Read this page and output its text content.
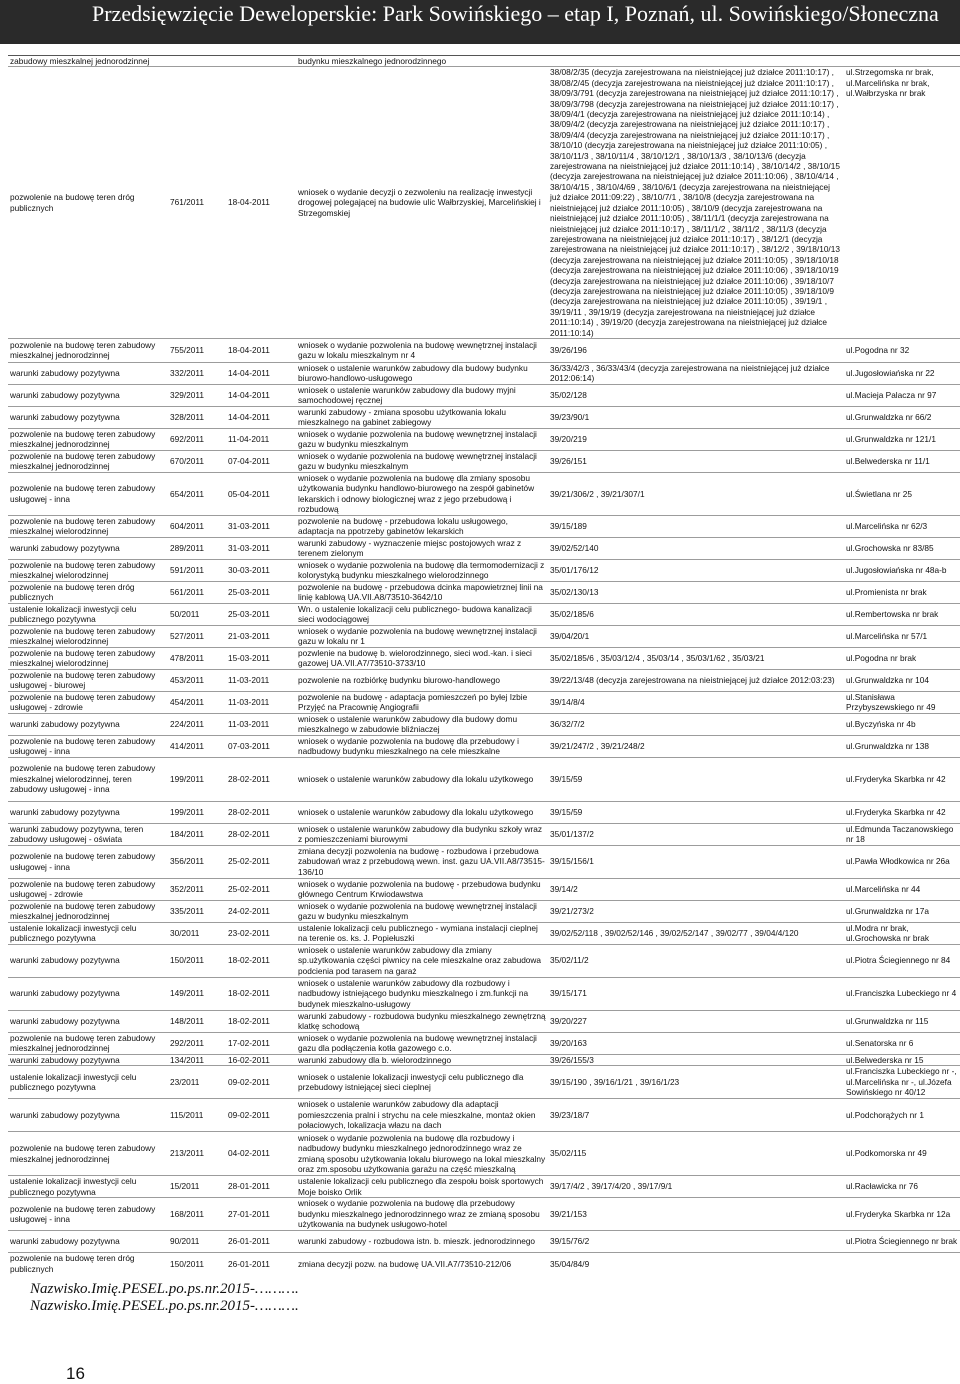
Przedsięwzięcie Deweloperskie: Park Sowińskiego – etap I, Poznań, ul. Sowińskiego/Słoneczna
zabudowy mieszkalnej jednorodzinnej			budynku mieszkalnego jednorodzinnego		
pozwolenie na budowę teren dróg publicznych	761/2011	18-04-2011	wniosek o wydanie decyzji o zezwoleniu na realizację inwestycji drogowej polegającej na budowie ulic Wałbrzyskiej, Marcelińskiej i Strzegomskiej	38/08/2/35 (decyzja zarejestrowana na nieistniejącej już działce 2011:10:17) , 38/08/2/45 (decyzja zarejestrowana na nieistniejącej już działce 2011:10:17) , 38/09/3/791 (decyzja zarejestrowana na nieistniejącej już działce 2011:10:17) , 38/09/3/798 (decyzja zarejestrowana na nieistniejącej już działce 2011:10:17) , 38/09/4/1 (decyzja zarejestrowana na nieistniejącej już działce 2011:10:14) , 38/09/4/2 (decyzja zarejestrowana na nieistniejącej już działce 2011:10:17) , 38/09/4/4 (decyzja zarejestrowana na nieistniejącej już działce 2011:10:17) , 38/10/10 (decyzja zarejestrowana na nieistniejącej już działce 2011:10:05) , 38/10/11/3 , 38/10/11/4 , 38/10/12/1 , 38/10/13/3 , 38/10/13/6 (decyzja zarejestrowana na nieistniejącej już działce 2011:10:14) , 38/10/14/2 , 38/10/15 (decyzja zarejestrowana na nieistniejącej już działce 2011:10:06) , 38/10/4/14 , 38/10/4/15 , 38/10/4/69 , 38/10/6/1 (decyzja zarejestrowana na nieistniejącej już działce 2011:09:22) , 38/10/7/1 , 38/10/8 (decyzja zarejestrowana na nieistniejącej już działce 2011:10:05) , 38/10/9 (decyzja zarejestrowana na nieistniejącej już działce 2011:10:05) , 38/11/1/1 (decyzja zarejestrowana na nieistniejącej już działce 2011:10:17) , 38/11/1/2 , 38/11/2 , 38/11/3 (decyzja zarejestrowana na nieistniejącej już działce 2011:10:17) , 38/12/1 (decyzja zarejestrowana na nieistniejącej już działce 2011:10:17) , 38/12/2 , 39/18/10/13 (decyzja zarejestrowana na nieistniejącej już działce 2011:10:05) , 39/18/10/18 (decyzja zarejestrowana na nieistniejącej już działce 2011:10:06) , 39/18/10/19 (decyzja zarejestrowana na nieistniejącej już działce 2011:10:06) , 39/18/10/7 (decyzja zarejestrowana na nieistniejącej już działce 2011:10:05) , 39/18/10/9 (decyzja zarejestrowana na nieistniejącej już działce 2011:10:05) , 39/19/1 , 39/19/11 , 39/19/19 (decyzja zarejestrowana na nieistniejącej już działce 2011:10:14) , 39/19/20 (decyzja zarejestrowana na nieistniejącej już działce 2011:10:14)	ul.Strzegomska nr brak, ul.Marcelińska nr brak, ul.Wałbrzyska nr brak
pozwolenie na budowę teren zabudowy mieszkalnej jednorodzinnej	755/2011	18-04-2011	wniosek o wydanie pozwolenia na budowę wewnętrznej instalacji gazu w lokalu mieszkalnym nr 4	39/26/196	ul.Pogodna nr 32
warunki zabudowy pozytywna	332/2011	14-04-2011	wniosek o ustalenie warunków zabudowy dla budowy budynku biurowo-handlowo-usługowego	36/33/42/3 , 36/33/43/4 (decyzja zarejestrowana na nieistniejącej już działce 2012:06:14)	ul.Jugosłowiańska nr 22
warunki zabudowy pozytywna	329/2011	14-04-2011	wniosek o ustalenie warunków zabudowy dla budowy myjni samochodowej ręcznej	35/02/128	ul.Macieja Palacza nr 97
warunki zabudowy pozytywna	328/2011	14-04-2011	warunki zabudowy - zmiana sposobu użytkowania lokalu mieszkalnego na gabinet zabiegowy	39/23/90/1	ul.Grunwaldzka nr 66/2
pozwolenie na budowę teren zabudowy mieszkalnej jednorodzinnej	692/2011	11-04-2011	wniosek o wydanie pozwolenia na budowę wewnętrznej instalacji gazu w budynku mieszkalnym	39/20/219	ul.Grunwaldzka nr 121/1
pozwolenie na budowę teren zabudowy mieszkalnej jednorodzinnej	670/2011	07-04-2011	wniosek o wydanie pozwolenia na budowę wewnętrznej instalacji gazu w budynku mieszkalnym	39/26/151	ul.Belwederska nr 11/1
pozwolenie na budowę teren zabudowy usługowej - inna	654/2011	05-04-2011	wniosek o wydanie pozwolenia na budowę dla zmiany sposobu użytkowania budynku handlowo-biurowego na zespół gabinetów lekarskich i odnowy biologicznej wraz z jego przebudową i rozbudową	39/21/306/2 , 39/21/307/1	ul.Świetlana nr 25
pozwolenie na budowę teren zabudowy mieszkalnej wielorodzinnej	604/2011	31-03-2011	pozwolenie na budowę - przebudowa lokalu usługowego, adaptacja na ppotrzeby gabinetów lekarskich	39/15/189	ul.Marcelińska nr 62/3
warunki zabudowy pozytywna	289/2011	31-03-2011	warunki zabudowy - wyznaczenie miejsc postojowych wraz z terenem zielonym	39/02/52/140	ul.Grochowska nr 83/85
pozwolenie na budowę teren zabudowy mieszkalnej wielorodzinnej	591/2011	30-03-2011	wniosek o wydanie pozwolenia na budowę dla termomodernizacji z kolorystyką budynku mieszkalnego wielorodzinnego	35/01/176/12	ul.Jugosłowiańska nr 48a-b
pozwolenie na budowę teren dróg publicznych	561/2011	25-03-2011	pozwolenie na budowę - przebudowa dcinka mapowietrznej linii na linię kablową UA.VII.A8/73510-3642/10	35/02/130/13	ul.Promienista nr brak
ustalenie lokalizacji inwestycji celu publicznego pozytywna	50/2011	25-03-2011	Wn. o ustalenie lokalizacji celu publicznego- budowa kanalizacji sieci wodociągowej	35/02/185/6	ul.Rembertowska nr brak
pozwolenie na budowę teren zabudowy mieszkalnej wielorodzinnej	527/2011	21-03-2011	wniosek o wydanie pozwolenia na budowę wewnętrznej instalacji gazu w lokalu nr 1	39/04/20/1	ul.Marcelińska nr 57/1
pozwolenie na budowę teren zabudowy mieszkalnej wielorodzinnej	478/2011	15-03-2011	pozwlenie na budowę b. wielorodzinnego, sieci wod.-kan. i sieci gazowej UA.VII.A7/73510-3733/10	35/02/185/6 , 35/03/12/4 , 35/03/14 , 35/03/1/62 , 35/03/21	ul.Pogodna nr brak
pozwolenie na budowę teren zabudowy usługowej - biurowej	453/2011	11-03-2011	pozwolenie na rozbiórkę budynku biurowo-handlowego	39/22/13/48 (decyzja zarejestrowana na nieistniejącej już działce 2012:03:23)	ul.Grunwaldzka nr 104
pozwolenie na budowę teren zabudowy usługowej - zdrowie	454/2011	11-03-2011	pozwolenie na budowę - adaptacja pomieszczeń po byłej Izbie Przyjęć na Pracownię Angiografii	39/14/8/4	ul.Stanisława Przybyszewskiego nr 49
warunki zabudowy pozytywna	224/2011	11-03-2011	wniosek o ustalenie warunków zabudowy dla budowy domu mieszkalnego w zabudowie bliźniaczej	36/32/7/2	ul.Byczyńska nr 4b
pozwolenie na budowę teren zabudowy usługowej - inna	414/2011	07-03-2011	wniosek o wydanie pozwolenia na budowę dla przebudowy i nadbudowy budynku mieszkalnego na cele mieszkalne	39/21/247/2 , 39/21/248/2	ul.Grunwaldzka nr 138
pozwolenie na budowę teren zabudowy mieszkalnej wielorodzinnej, teren zabudowy usługowej - inna	199/2011	28-02-2011	wniosek o ustalenie warunków zabudowy dla lokalu użytkowego	39/15/59	ul.Fryderyka Skarbka nr 42
warunki zabudowy pozytywna	199/2011	28-02-2011	wniosek o ustalenie warunków zabudowy dla lokalu użytkowego	39/15/59	ul.Fryderyka Skarbka nr 42
warunki zabudowy pozytywna, teren zabudowy usługowej - oświata	184/2011	28-02-2011	wniosek o ustalenie warunków zabudowy dla budynku szkoły wraz z pomieszczeniami biurowymi	35/01/137/2	ul.Edmunda Taczanowskiego nr 18
pozwolenie na budowę teren zabudowy usługowej - inna	356/2011	25-02-2011	zmiana decyzji pozwolenia na budowę - rozbudowa i przebudowa zabudowań wraz z przebudową wewn. inst. gazu UA.VII.A8/73515-136/10	39/15/156/1	ul.Pawła Włodkowica nr 26a
pozwolenie na budowę teren zabudowy usługowej - zdrowie	352/2011	25-02-2011	wniosek o wydanie pozwolenia na budowę - przebudowa budynku głównego Centrum Krwiodawstwa	39/14/2	ul.Marcelińska nr 44
pozwolenie na budowę teren zabudowy mieszkalnej jednorodzinnej	335/2011	24-02-2011	wniosek o wydanie pozwolenia na budowę wewnętrznej instalacji gazu w budynku mieszkalnym	39/21/273/2	ul.Grunwaldzka nr 17a
ustalenie lokalizacji inwestycji celu publicznego pozytywna	30/2011	23-02-2011	ustalenie lokalizacji celu publicznego - wymiana instalacji cieplnej na terenie os. ks. J. Popiełuszki	39/02/52/118 , 39/02/52/146 , 39/02/52/147 , 39/02/77 , 39/04/4/120	ul.Modra nr brak, ul.Grochowska nr brak
warunki zabudowy pozytywna	150/2011	18-02-2011	wniosek o ustalenie warunków zabudowy dla zmiany sp.użytkowania części piwnicy na cele mieszkalne oraz zabudowa podcienia pod tarasem na garaż	35/02/11/2	ul.Piotra Ściegiennego nr 84
warunki zabudowy pozytywna	149/2011	18-02-2011	wniosek o ustalenie warunków zabudowy dla rozbudowy i nadbudowy istniejącego budynku mieszkalnego i zm.funkcji na budynek mieszkalno-usługowy	39/15/171	ul.Franciszka Lubeckiego nr 4
warunki zabudowy pozytywna	148/2011	18-02-2011	warunki zabudowy - rozbudowa budynku mieszkalnego zewnętrzną klatkę schodową	39/20/227	ul.Grunwaldzka nr 115
pozwolenie na budowę teren zabudowy mieszkalnej jednorodzinnej	292/2011	17-02-2011	wniosek o wydanie pozwolenia na budowę wewnętrznej instalacji gazu dla podłączenia kotła gazowego c.o.	39/20/163	ul.Senatorska nr 6
warunki zabudowy pozytywna	134/2011	16-02-2011	warunki zabudowy dla b. wielorodzinnego	39/26/155/3	ul.Belwederska nr 15
ustalenie lokalizacji inwestycji celu publicznego pozytywna	23/2011	09-02-2011	wniosek o ustalenie lokalizacji inwestycji celu publicznego dla przebudowy istniejącej sieci cieplnej	39/15/190 , 39/16/1/21 , 39/16/1/23	ul.Franciszka Lubeckiego nr -, ul.Marcelińska nr -, ul.Józefa Sowińskiego nr 40/12
warunki zabudowy pozytywna	115/2011	09-02-2011	wniosek o ustalenie warunków zabudowy dla adaptacji pomieszczenia pralni i strychu na cele mieszkalne, montaż okien połaciowych, lokalizacja włazu na dach	39/23/18/7	ul.Podchorążych nr 1
pozwolenie na budowę teren zabudowy mieszkalnej jednorodzinnej	213/2011	04-02-2011	wniosek o wydanie pozwolenia na budowę dla rozbudowy i nadbudowy budynku mieszkalnego jednorodzinnego wraz ze zmianą sposobu użytkowania lokalu biurowego na lokal mieszkalny oraz zm.sposobu użytkowania garażu na część mieszkalną	35/02/115	ul.Podkomorska nr 49
ustalenie lokalizacji inwestycji celu publicznego pozytywna	15/2011	28-01-2011	ustalenie lokalizacji celu publicznego dla zespołu boisk sportowych Moje boisko Orlik	39/17/4/2 , 39/17/4/20 , 39/17/9/1	ul.Racławicka nr 76
pozwolenie na budowę teren zabudowy usługowej - inna	168/2011	27-01-2011	wniosek o wydanie pozwolenia na budowę dla przebudowy budynku mieszkalnego jednorodzinnego wraz ze zmianą sposobu użytkowania na budynek usługowo-hotel	39/21/153	ul.Fryderyka Skarbka nr 12a
warunki zabudowy pozytywna	90/2011	26-01-2011	warunki zabudowy - rozbudowa istn. b. mieszk. jednorodzinnego	39/15/76/2	ul.Piotra Ściegiennego nr brak
pozwolenie na budowę teren dróg publicznych	150/2011	26-01-2011	zmiana decyzji pozw. na budowę UA.VII.A7/73510-212/06	35/04/84/9	
Nazwisko.Imię.PESEL.po.ps.nr.2015-……….
Nazwisko.Imię.PESEL.po.ps.nr.2015-……….
16
